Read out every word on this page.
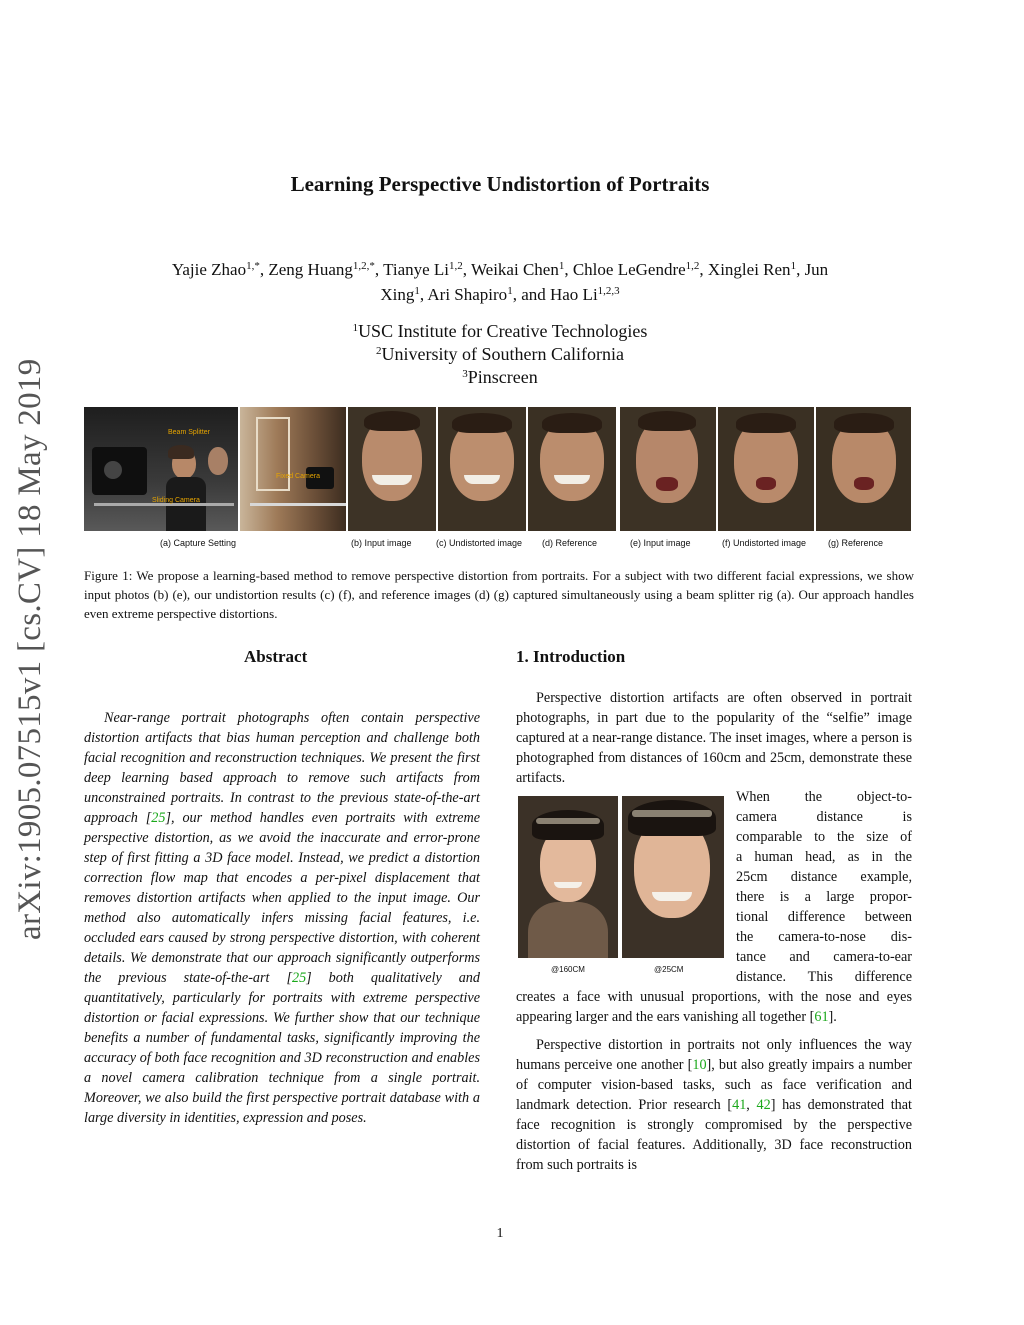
arXiv:1905.07515v1 [cs.CV] 18 May 2019
Learning Perspective Undistortion of Portraits
Yajie Zhao$^{1,*}$, Zeng Huang$^{1,2,*}$, Tianye Li$^{1,2}$, Weikai Chen$^1$, Chloe LeGendre$^{1,2}$, Xinglei Ren$^1$, Jun
Xing$^1$, Ari Shapiro$^1$, and Hao Li$^{1,2,3}$
$^1$USC Institute for Creative Technologies
$^2$University of Southern California
$^3$Pinscreen
Beam Splitter
Sliding Camera
Fixed Camera
(a) Capture Setting	(b) Input image	(c) Undistorted image (d) Reference	(e) Input image	(f) Undistorted image (g) Reference
Figure 1: We propose a learning-based method to remove perspective distortion from portraits. For a subject with two different facial expressions, we show input photos (b) (e), our undistortion results (c) (f), and reference images (d) (g) captured simultaneously using a beam splitter rig (a). Our approach handles even extreme perspective distortions.
Abstract

Near-range portrait photographs often contain perspective distortion artifacts that bias human perception and challenge both facial recognition and reconstruction techniques. We present the first deep learning based approach to remove such artifacts from unconstrained portraits. In contrast to the previous state-of-the-art approach [25], our method handles even portraits with extreme perspective distortion, as we avoid the inaccurate and error-prone step of first fitting a 3D face model. Instead, we predict a distortion correction flow map that encodes a per-pixel displacement that removes distortion artifacts when applied to the input image. Our method also automatically infers missing facial features, i.e. occluded ears caused by strong perspective distortion, with coherent details. We demonstrate that our approach significantly outperforms the previous state-of-the-art [25] both qualitatively and quantitatively, particularly for portraits with extreme perspective distortion or facial expressions. We further show that our technique benefits a number of fundamental tasks, significantly improving the accuracy of both face recognition and 3D reconstruction and enables a novel camera calibration technique from a single portrait. Moreover, we also build the first perspective portrait database with a large diversity in identities, expression and poses.

1. Introduction

Perspective distortion artifacts are often observed in portrait photographs, in part due to the popularity of the “selfie” image captured at a near-range distance. The inset images, where a person is photographed from distances of 160cm and 25cm, demonstrate these artifacts.

@160CM	@25CM
When the object-to-
camera distance is
comparable to the size of
a human head, as in the
25cm distance example,
there is a large propor-
tional difference between
the camera-to-nose dis-
tance and camera-to-ear
distance. This difference

creates a face with unusual proportions, with the nose and eyes appearing larger and the ears vanishing all together [61].

Perspective distortion in portraits not only influences the way humans perceive one another [10], but also greatly impairs a number of computer vision-based tasks, such as face verification and landmark detection. Prior research [41, 42] has demonstrated that face recognition is strongly compromised by the perspective distortion of facial features. Additionally, 3D face reconstruction from such portraits is

1
